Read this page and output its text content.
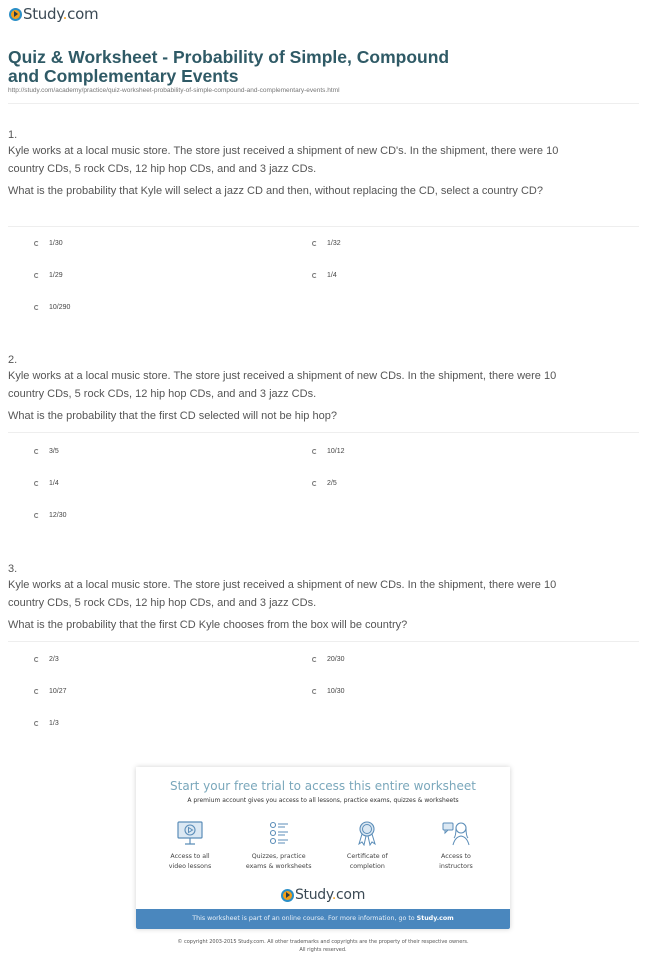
Study.com
Quiz & Worksheet - Probability of Simple, Compound and Complementary Events
http://study.com/academy/practice/quiz-worksheet-probability-of-simple-compound-and-complementary-events.html
1.
Kyle works at a local music store. The store just received a shipment of new CD's. In the shipment, there were 10 country CDs, 5 rock CDs, 12 hip hop CDs, and and 3 jazz CDs.
What is the probability that Kyle will select a jazz CD and then, without replacing the CD, select a country CD?
1/30	1/32
1/29	1/4
10/290
2.
Kyle works at a local music store. The store just received a shipment of new CDs. In the shipment, there were 10 country CDs, 5 rock CDs, 12 hip hop CDs, and and 3 jazz CDs.
What is the probability that the first CD selected will not be hip hop?
3/5	10/12
1/4	2/5
12/30
3.
Kyle works at a local music store. The store just received a shipment of new CDs. In the shipment, there were 10 country CDs, 5 rock CDs, 12 hip hop CDs, and and 3 jazz CDs.
What is the probability that the first CD Kyle chooses from the box will be country?
2/3	20/30
10/27	10/30
1/3
Start your free trial to access this entire worksheet
A premium account gives you access to all lessons, practice exams, quizzes & worksheets
Access to all
video lessons
Quizzes, practice
exams & worksheets
Certificate of
completion
Access to
instructors
Study.com
This worksheet is part of an online course. For more information, go to Study.com
© copyright 2003-2015 Study.com. All other trademarks and copyrights are the property of their respective owners.
All rights reserved.
